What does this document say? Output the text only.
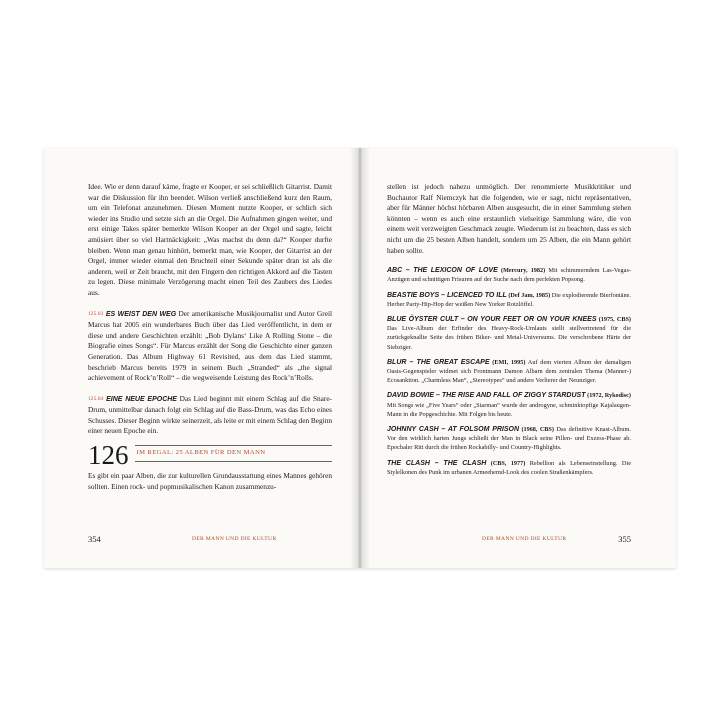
Idee. Wie er denn darauf käme, fragte er Kooper, er sei schließlich Gitarrist. Damit war die Diskussion für ihn beendet. Wilson verließ anschließend kurz den Raum, um ein Telefonat anzunehmen. Diesen Moment nutzte Kooper, er schlich sich wieder ins Studio und setzte sich an die Orgel. Die Aufnahmen gingen weiter, und erst einige Takes später bemerkte Wilson Kooper an der Orgel und sagte, leicht amüsiert über so viel Hartnäckigkeit: „Was machst du denn da?“ Kooper durfte bleiben. Wenn man genau hinhört, bemerkt man, wie Kooper, der Gitarrist an der Orgel, immer wieder einmal den Bruchteil einer Sekunde später dran ist als die anderen, weil er Zeit braucht, mit den Fingern den richtigen Akkord auf die Tasten zu legen. Diese minimale Verzögerung macht einen Teil des Zaubers des Liedes aus.

125.03 ES WEIST DEN WEG Der amerikanische Musikjournalist und Autor Greil Marcus hat 2005 ein wunderbares Buch über das Lied veröffentlicht, in dem er diese und andere Geschichten erzählt: „Bob Dylans‘ Like A Rolling Stone – die Biografie eines Songs“. Für Marcus erzählt der Song die Geschichte einer ganzen Generation. Das Album Highway 61 Revisited, aus dem das Lied stammt, beschrieb Marcus bereits 1979 in seinem Buch „Stranded“ als „the signal achievement of Rock’n’Roll“ – die wegweisende Leistung des Rock’n’Rolls.

125.04 EINE NEUE EPOCHE Das Lied beginnt mit einem Schlag auf die Snare-Drum, unmittelbar danach folgt ein Schlag auf die Bass-Drum, was das Echo eines Schusses. Dieser Beginn wirkte seinerzeit, als leite er mit einem Schlag den Beginn einer neuen Epoche ein.

126	IM REGAL: 25 ALBEN FÜR DEN MANN

Es gibt ein paar Alben, die zur kulturellen Grundausstattung eines Mannes gehören sollten. Einen rock- und popmusikalischen Kanon zusammenzu-

354	DER MANN UND DIE KULTUR

stellen ist jedoch nahezu unmöglich. Der renommierte Musikkritiker und Buchautor Ralf Niemczyk hat die folgenden, wie er sagt, nicht repräsentativen, aber für Männer höchst hörbaren Alben ausgesucht, die in einer Sammlung stehen könnten – wenn es auch eine erstaunlich vielseitige Sammlung wäre, die von einem weit verzweigten Geschmack zeugte. Wiederum ist zu beachten, dass es sich nicht um die 25 besten Alben handelt, sondern um 25 Alben, die ein Mann gehört haben sollte.

ABC – THE LEXICON OF LOVE (Mercury, 1982) Mit schimmerndem Las-Vegas-Anzügen und schnittigen Frisuren auf der Suche nach dem perfekten Popsong.

BEASTIE BOYS – LICENCED TO ILL (Def Jam, 1985) Die explodierende Bierfontäne. Herber Party-Hip-Hop der weißen New Yorker Rotzlöffel.

BLUE ÖYSTER CULT – ON YOUR FEET OR ON YOUR KNEES (1975, CBS) Das Live-Album der Erfinder des Heavy-Rock-Umlauts stellt stellvertretend für die zurückgeknallte Seite des frühen Biker- und Metal-Universums. Die verschrobene Härte der Siebziger.

BLUR – THE GREAT ESCAPE (EMI, 1995) Auf dem vierten Album der damaligen Oasis-Gegenspieler widmet sich Frontmann Damon Albarn dem zentralen Thema (Manner-) Ecosanktion. „Charmless Man“, „Stereotypes“ und andere Verlierer der Neunziger.

DAVID BOWIE – THE RISE AND FALL OF ZIGGY STARDUST (1972, Rykodisc) Mit Songs wie „Five Years“ oder „Starman“ wurde der androgyne, schminktopfige Kajalaugen-Mann in die Popgeschichte. Mit Folgen bis heute.

JOHNNY CASH – AT FOLSOM PRISON (1968, CBS) Das definitive Knast-Album. Vor den wirklich harten Jungs schließt der Man in Black seine Pillen- und Exzess-Phase ab. Epochaler Ritt durch die frühen Rockabilly- und Country-Highlights.

THE CLASH – THE CLASH (CBS, 1977) Rebellion als Lebenseinstellung. Die Stylelkonen des Punk im urbanen Armeehemd-Look des coolen Straßenkämpfers.

DER MANN UND DIE KULTUR	355
